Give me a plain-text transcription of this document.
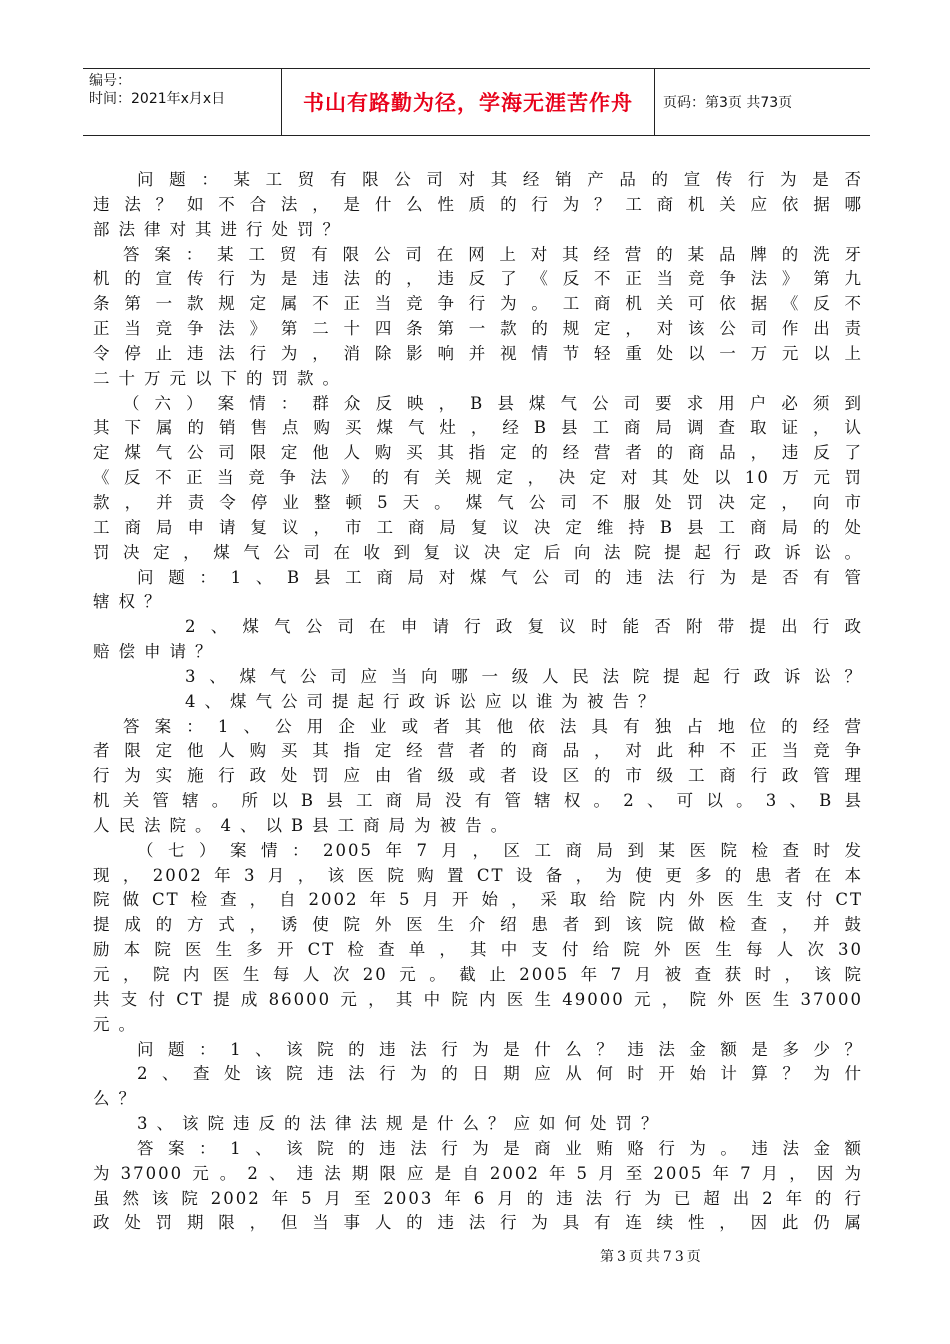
编号：
时间：2021年x月x日	书山有路勤为径，学海无涯苦作舟	页码：第3页 共73页
问题：某工贸有限公司对其经销产品的宣传行为是否
违法？如不合法，是什么性质的行为？工商机关应依据哪
部法律对其进行处罚？
答案：某工贸有限公司在网上对其经营的某品牌的洗牙
机的宣传行为是违法的，违反了《反不正当竞争法》第九
条第一款规定属不正当竞争行为。工商机关可依据《反不
正当竞争法》第二十四条第一款的规定，对该公司作出责
令停止违法行为，消除影响并视情节轻重处以一万元以上
二十万元以下的罚款。
（六）案情：群众反映，B县煤气公司要求用户必须到
其下属的销售点购买煤气灶，经B县工商局调查取证，认
定煤气公司限定他人购买其指定的经营者的商品，违反了
《反不正当竞争法》的有关规定，决定对其处以10万元罚
款，并责令停业整顿5天。煤气公司不服处罚决定，向市
工商局申请复议，市工商局复议决定维持B县工商局的处
罚决定，煤气公司在收到复议决定后向法院提起行政诉讼。
问题：1、B县工商局对煤气公司的违法行为是否有管
辖权？
2、煤气公司在申请行政复议时能否附带提出行政
赔偿申请？
3、煤气公司应当向哪一级人民法院提起行政诉讼？
4、煤气公司提起行政诉讼应以谁为被告？
答案：1、公用企业或者其他依法具有独占地位的经营
者限定他人购买其指定经营者的商品，对此种不正当竞争
行为实施行政处罚应由省级或者设区的市级工商行政管理
机关管辖。所以B县工商局没有管辖权。2、可以。3、B县
人民法院。4、以B县工商局为被告。
（七）案情：2005年7月，区工商局到某医院检查时发
现，2002年3月，该医院购置CT设备，为使更多的患者在本
院做CT检查，自2002年5月开始，采取给院内外医生支付CT
提成的方式，诱使院外医生介绍患者到该院做检查，并鼓
励本院医生多开CT检查单，其中支付给院外医生每人次30
元，院内医生每人次20元。截止2005年7月被查获时，该院
共支付CT提成86000元，其中院内医生49000元，院外医生37000
元。
问题：1、该院的违法行为是什么？违法金额是多少？
2、查处该院违法行为的日期应从何时开始计算？为什
么？
3、该院违反的法律法规是什么？应如何处罚？
答案：1、该院的违法行为是商业贿赂行为。违法金额
为37000元。2、违法期限应是自2002年5月至2005年7月，因为
虽然该院2002年5月至2003年6月的违法行为已超出2年的行
政处罚期限，但当事人的违法行为具有连续性，因此仍属
第3页共73页
